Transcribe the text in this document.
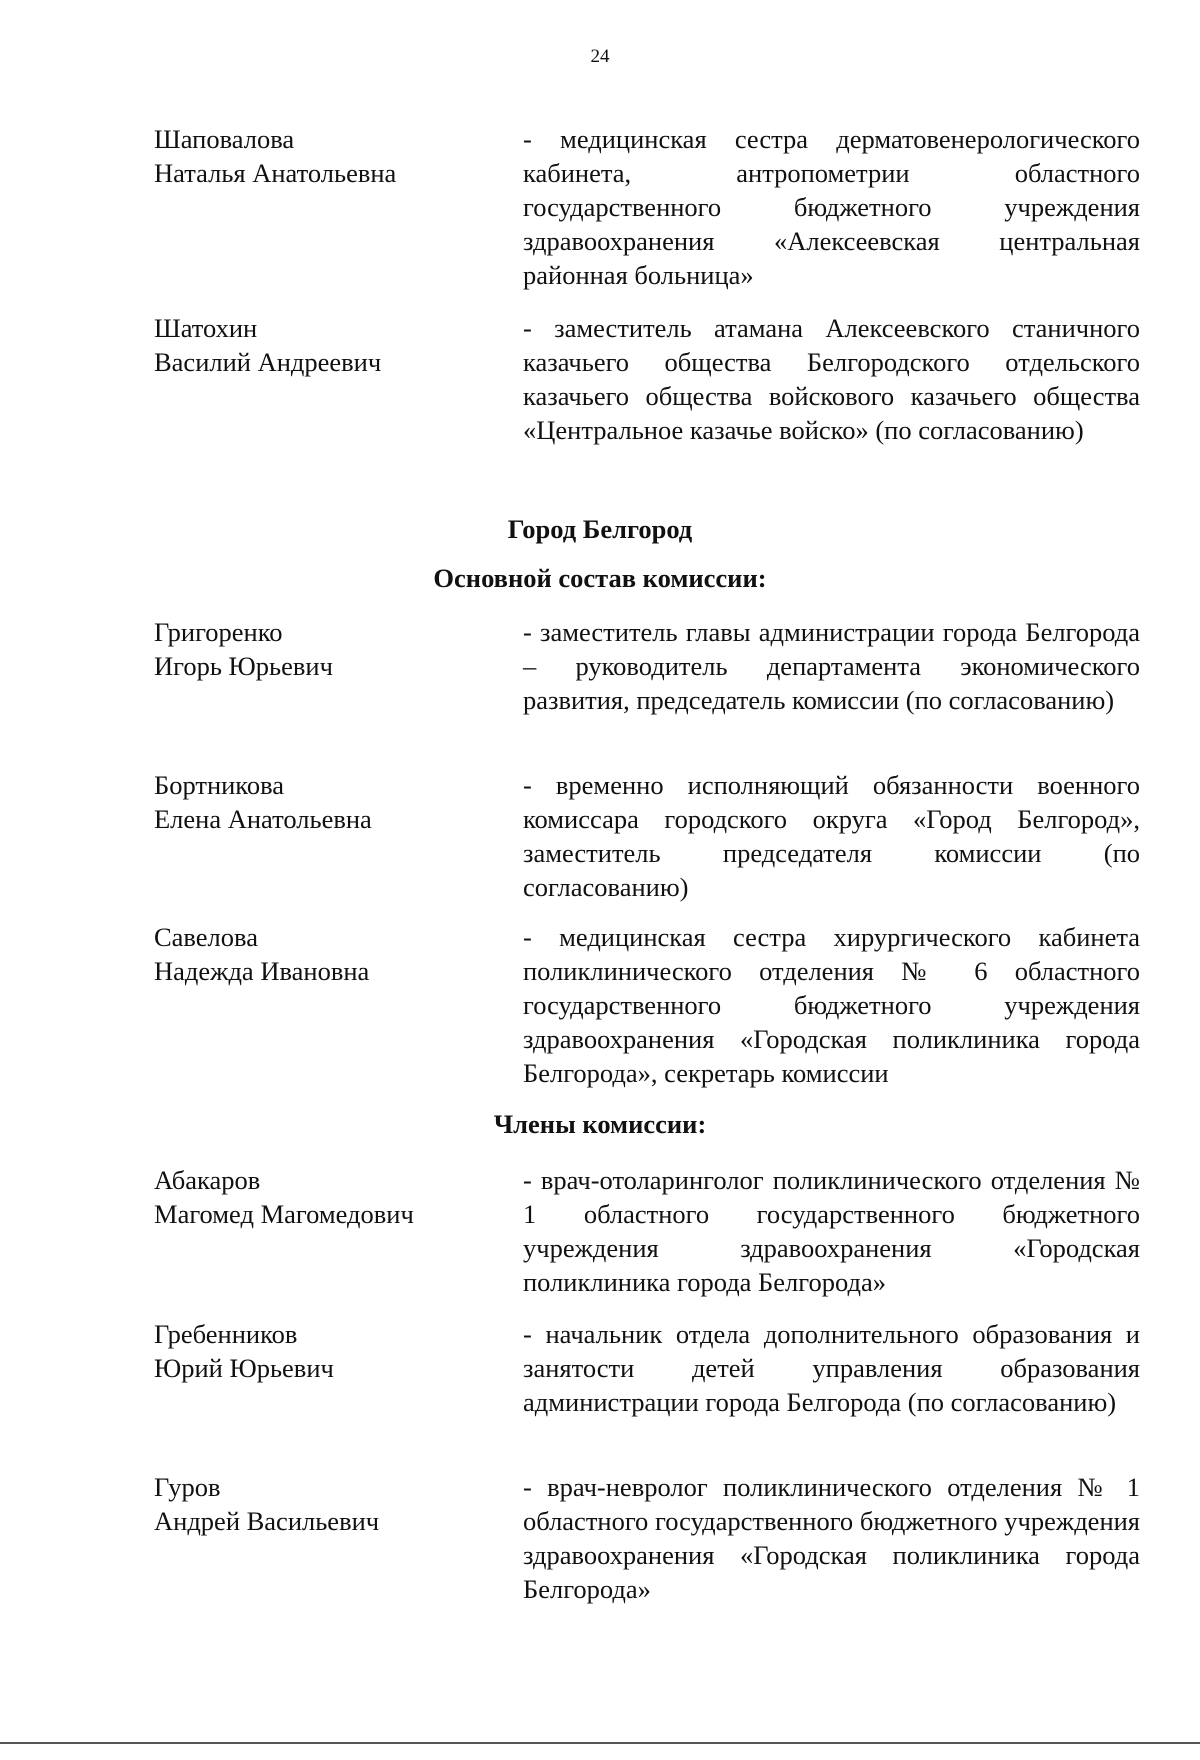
24
Шаповалова
Наталья Анатольевна
- медицинская сестра дерматовенерологического кабинета, антропометрии областного государственного бюджетного учреждения здравоохранения «Алексеевская центральная районная больница»
Шатохин
Василий Андреевич
- заместитель атамана Алексеевского станичного казачьего общества Белгородского отдельского казачьего общества войскового казачьего общества «Центральное казачье войско» (по согласованию)
Город Белгород
Основной состав комиссии:
Григоренко
Игорь Юрьевич
- заместитель главы администрации города Белгорода – руководитель департамента экономического развития, председатель комиссии (по согласованию)
Бортникова
Елена Анатольевна
- временно исполняющий обязанности военного комиссара городского округа «Город Белгород», заместитель председателя комиссии (по согласованию)
Савелова
Надежда Ивановна
- медицинская сестра хирургического кабинета поликлинического отделения № 6 областного государственного бюджетного учреждения здравоохранения «Городская поликлиника города Белгорода», секретарь комиссии
Члены комиссии:
Абакаров
Магомед Магомедович
- врач-отоларинголог поликлинического отделения № 1 областного государственного бюджетного учреждения здравоохранения «Городская поликлиника города Белгорода»
Гребенников
Юрий Юрьевич
- начальник отдела дополнительного образования и занятости детей управления образования администрации города Белгорода (по согласованию)
Гуров
Андрей Васильевич
- врач-невролог поликлинического отделения № 1 областного государственного бюджетного учреждения здравоохранения «Городская поликлиника города Белгорода»
